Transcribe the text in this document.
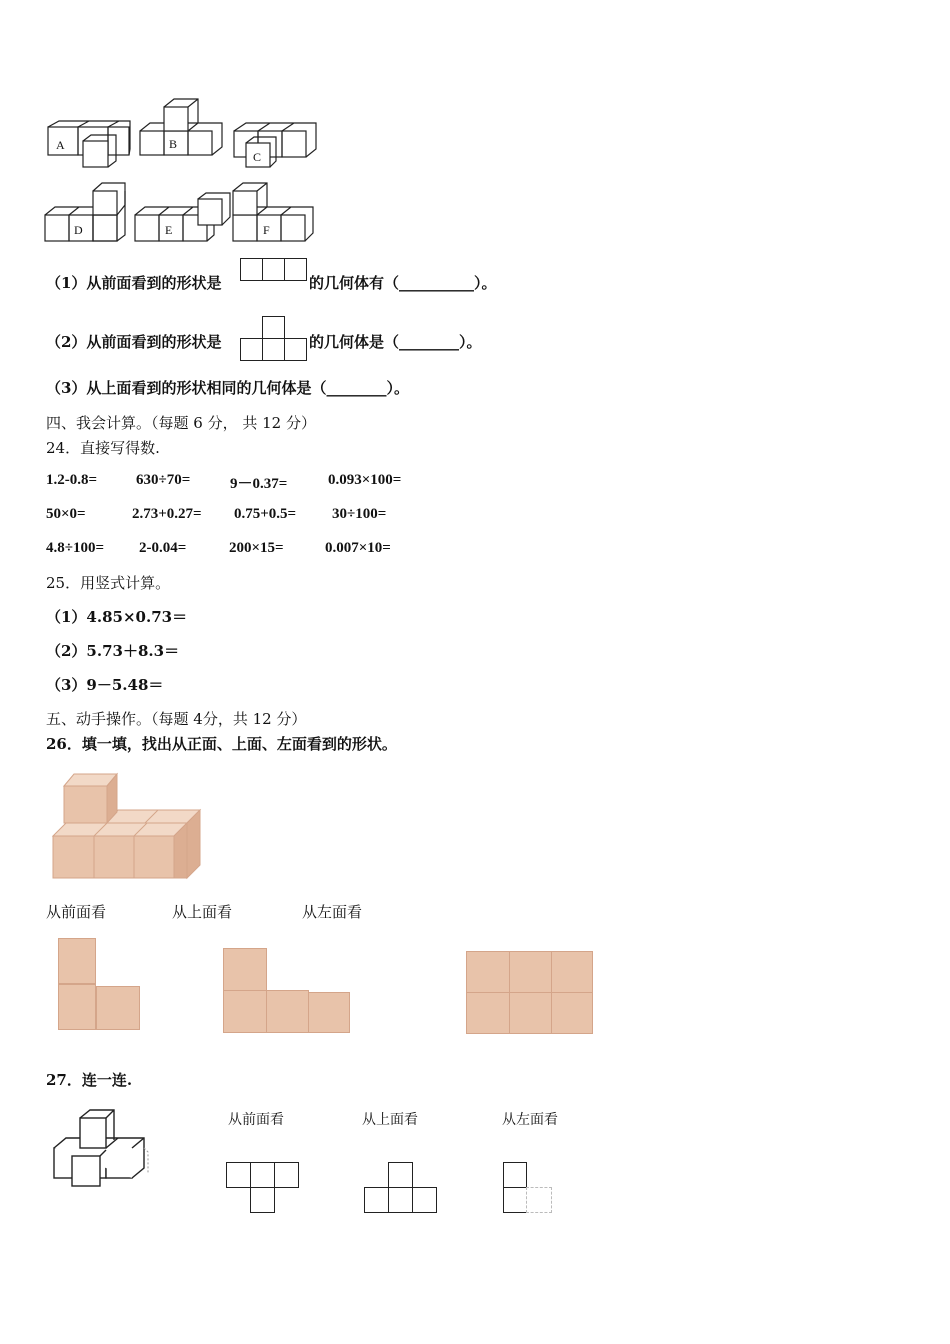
A	B
C
D	E	F
（1）从前面看到的形状是	的几何体有（__________）。
（2）从前面看到的形状是	的几何体是（________）。
（3）从上面看到的形状相同的几何体是（________）。
四、我会计算。（每题 6 分， 共 12 分）
24．直接写得数.
1.2-0.8=	630÷70=	9－0.37=	0.093×100=
50×0=	2.73+0.27= 0.75+0.5= 30÷100=
4.8÷100= 2-0.04=	200×15=	0.007×10=
25．用竖式计算。
（1）4.85×0.73＝
（2）5.73＋8.3＝
（3）9－5.48＝
五、动手操作。（每题 4分，共 12 分）
26．填一填，找出从正面、上面、左面看到的形状。
从前面看	从上面看	从左面看
27．连一连.
从前面看	从上面看	从左面看
